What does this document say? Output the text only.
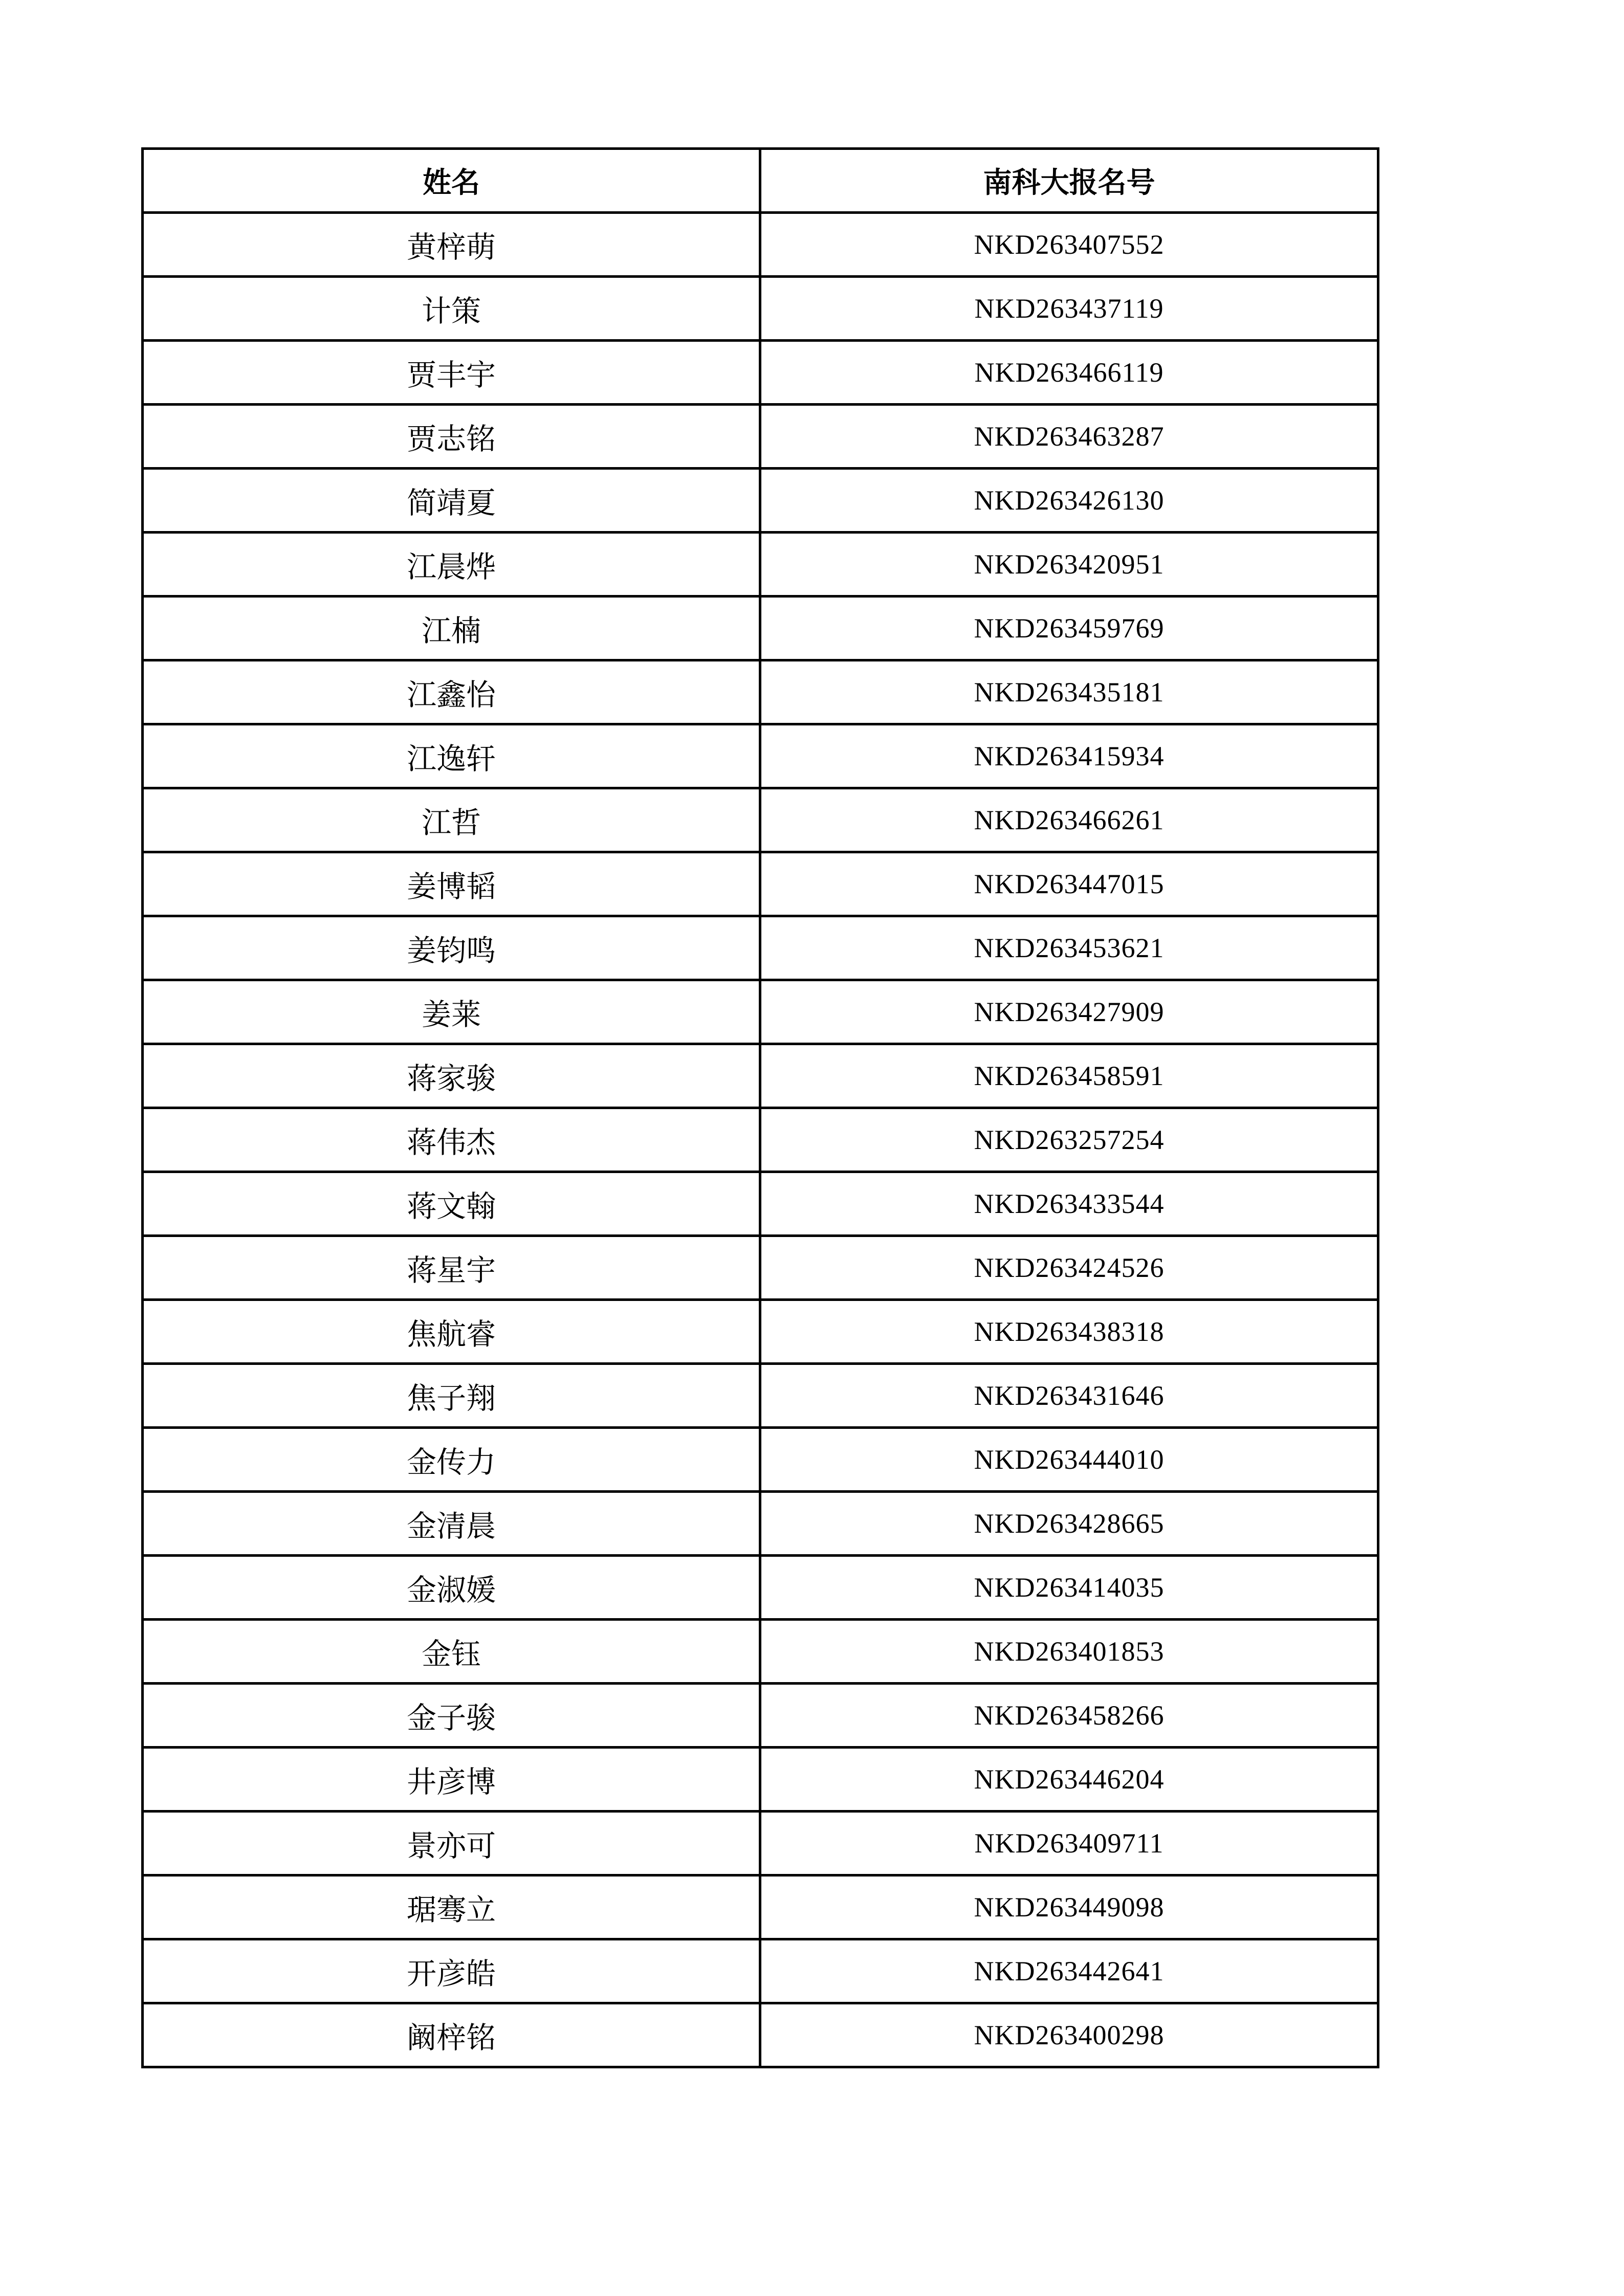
姓名	南科大报名号
黄梓萌	NKD263407552
计策	NKD263437119
贾丰宇	NKD263466119
贾志铭	NKD263463287
简靖夏	NKD263426130
江晨烨	NKD263420951
江楠	NKD263459769
江鑫怡	NKD263435181
江逸轩	NKD263415934
江哲	NKD263466261
姜博韬	NKD263447015
姜钧鸣	NKD263453621
姜莱	NKD263427909
蒋家骏	NKD263458591
蒋伟杰	NKD263257254
蒋文翰	NKD263433544
蒋星宇	NKD263424526
焦航睿	NKD263438318
焦子翔	NKD263431646
金传力	NKD263444010
金清晨	NKD263428665
金淑媛	NKD263414035
金钰	NKD263401853
金子骏	NKD263458266
井彦博	NKD263446204
景亦可	NKD263409711
琚骞立	NKD263449098
开彦皓	NKD263442641
阚梓铭	NKD263400298
